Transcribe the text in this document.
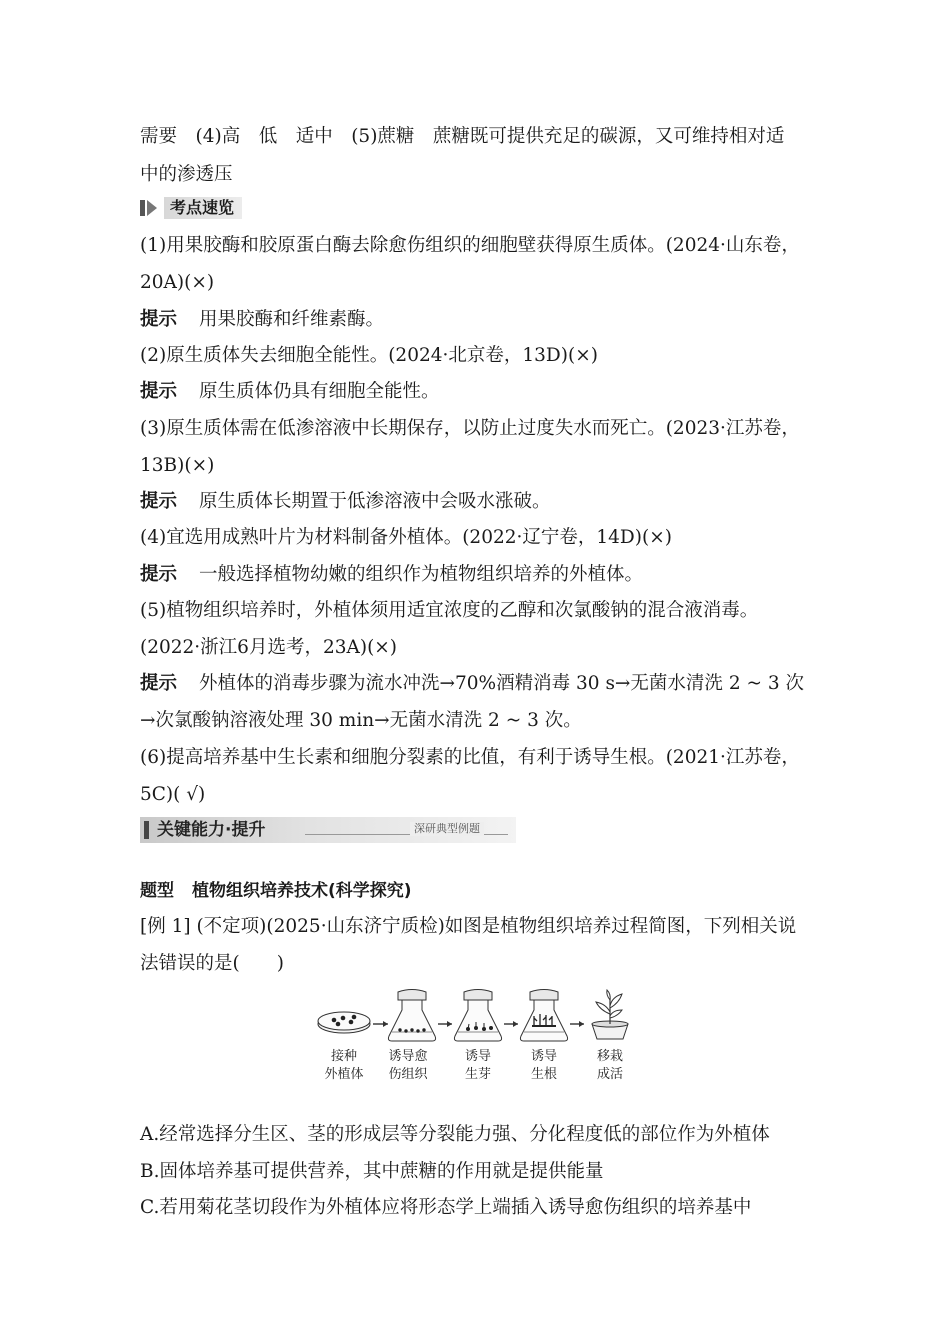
需要　(4)高　低　适中　(5)蔗糖　蔗糖既可提供充足的碳源，又可维持相对适
中的渗透压
考点速览
(1)用果胶酶和胶原蛋白酶去除愈伤组织的细胞壁获得原生质体。(2024·山东卷，
20A)(×)
提示 用果胶酶和纤维素酶。
(2)原生质体失去细胞全能性。(2024·北京卷，13D)(×)
提示 原生质体仍具有细胞全能性。
(3)原生质体需在低渗溶液中长期保存，以防止过度失水而死亡。(2023·江苏卷，
13B)(×)
提示 原生质体长期置于低渗溶液中会吸水涨破。
(4)宜选用成熟叶片为材料制备外植体。(2022·辽宁卷，14D)(×)
提示 一般选择植物幼嫩的组织作为植物组织培养的外植体。
(5)植物组织培养时，外植体须用适宜浓度的乙醇和次氯酸钠的混合液消毒。
(2022·浙江6月选考，23A)(×)
提示 外植体的消毒步骤为流水冲洗→70%酒精消毒 30 s→无菌水清洗 2 ~ 3 次
→次氯酸钠溶液处理 30 min→无菌水清洗 2 ~ 3 次。
(6)提高培养基中生长素和细胞分裂素的比值，有利于诱导生根。(2021·江苏卷，
5C)( √)
关键能力·提升	深研典型例题
题型 植物组织培养技术(科学探究)
[例 1] (不定项)(2025·山东济宁质检)如图是植物组织培养过程简图，下列相关说
法错误的是(　　)
接种
外植体
诱导愈
伤组织
诱导
生芽
诱导
生根
移栽
成活
A.经常选择分生区、茎的形成层等分裂能力强、分化程度低的部位作为外植体
B.固体培养基可提供营养，其中蔗糖的作用就是提供能量
C.若用菊花茎切段作为外植体应将形态学上端插入诱导愈伤组织的培养基中
